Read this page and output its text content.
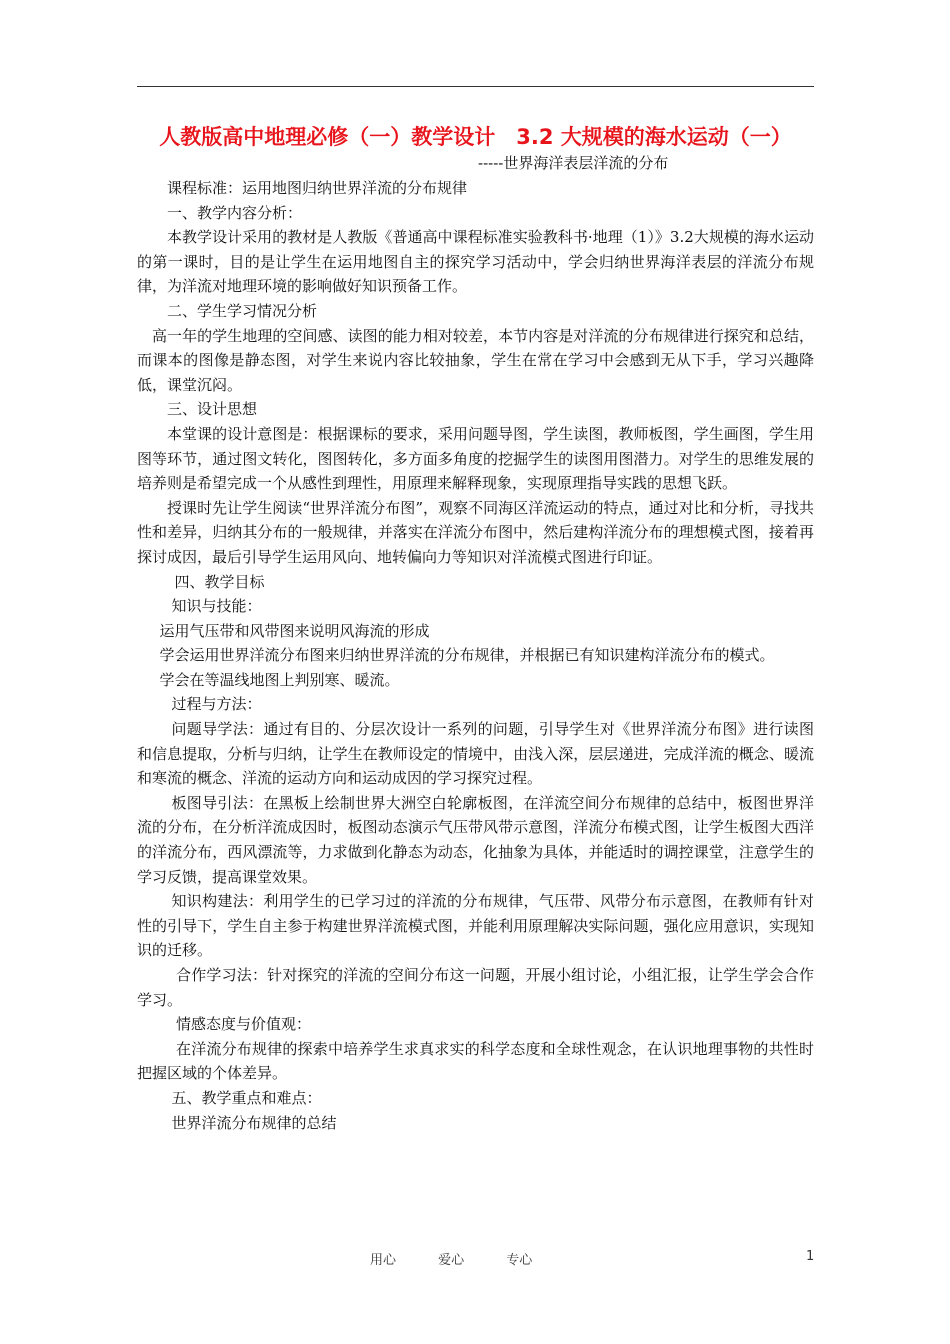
人教版高中地理必修（一）教学设计　3.2 大规模的海水运动（一）
-----世界海洋表层洋流的分布

课程标准：运用地图归纳世界洋流的分布规律

一、教学内容分析：

本教学设计采用的教材是人教版《普通高中课程标准实验教科书·地理（1）》3.2大规模的海水运动的第一课时，目的是让学生在运用地图自主的探究学习活动中，学会归纳世界海洋表层的洋流分布规律，为洋流对地理环境的影响做好知识预备工作。

二、学生学习情况分析

高一年的学生地理的空间感、读图的能力相对较差，本节内容是对洋流的分布规律进行探究和总结，而课本的图像是静态图，对学生来说内容比较抽象，学生在常在学习中会感到无从下手，学习兴趣降低，课堂沉闷。

三、设计思想

本堂课的设计意图是：根据课标的要求，采用问题导图，学生读图，教师板图，学生画图，学生用图等环节，通过图文转化，图图转化，多方面多角度的挖掘学生的读图用图潜力。对学生的思维发展的培养则是希望完成一个从感性到理性，用原理来解释现象，实现原理指导实践的思想飞跃。

授课时先让学生阅读“世界洋流分布图”，观察不同海区洋流运动的特点，通过对比和分析，寻找共性和差异，归纳其分布的一般规律，并落实在洋流分布图中，然后建构洋流分布的理想模式图，接着再探讨成因，最后引导学生运用风向、地转偏向力等知识对洋流模式图进行印证。

四、教学目标

知识与技能：

运用气压带和风带图来说明风海流的形成

学会运用世界洋流分布图来归纳世界洋流的分布规律，并根据已有知识建构洋流分布的模式。

学会在等温线地图上判别寒、暖流。

过程与方法：

问题导学法：通过有目的、分层次设计一系列的问题，引导学生对《世界洋流分布图》进行读图和信息提取，分析与归纳，让学生在教师设定的情境中，由浅入深，层层递进，完成洋流的概念、暖流和寒流的概念、洋流的运动方向和运动成因的学习探究过程。

板图导引法：在黑板上绘制世界大洲空白轮廓板图，在洋流空间分布规律的总结中，板图世界洋流的分布，在分析洋流成因时，板图动态演示气压带风带示意图，洋流分布模式图，让学生板图大西洋的洋流分布，西风漂流等，力求做到化静态为动态，化抽象为具体，并能适时的调控课堂，注意学生的学习反馈，提高课堂效果。

知识构建法：利用学生的已学习过的洋流的分布规律，气压带、风带分布示意图，在教师有针对性的引导下，学生自主参于构建世界洋流模式图，并能利用原理解决实际问题，强化应用意识，实现知识的迁移。

合作学习法：针对探究的洋流的空间分布这一问题，开展小组讨论，小组汇报，让学生学会合作学习。

情感态度与价值观：

在洋流分布规律的探索中培养学生求真求实的科学态度和全球性观念，在认识地理事物的共性时把握区域的个体差异。

五、教学重点和难点：

世界洋流分布规律的总结

用心 爱心 专心	1
